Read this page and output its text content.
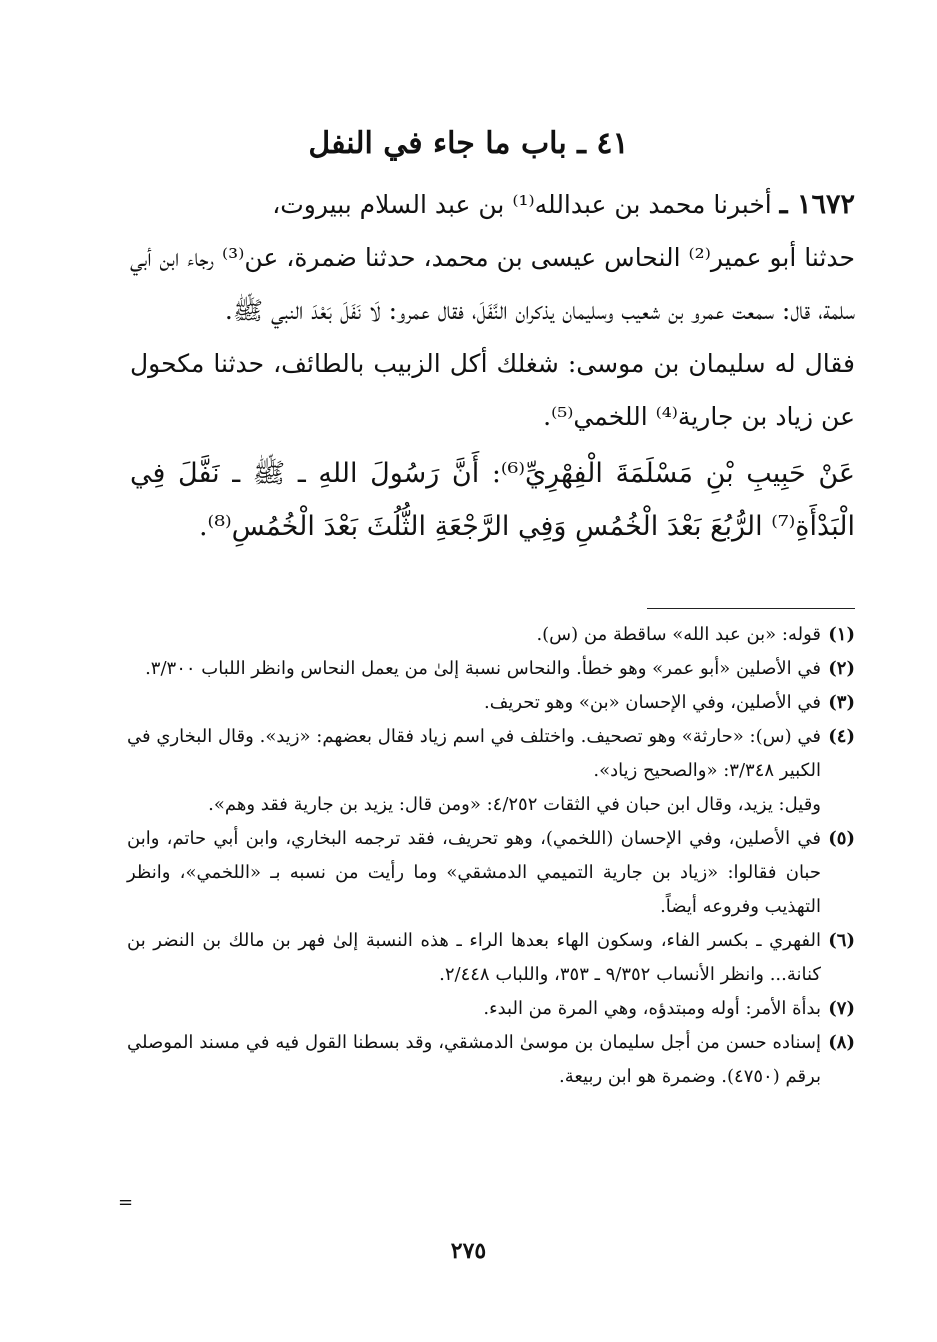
٤١ ـ باب ما جاء في النفل

١٦٧٢ ـ أخبرنا محمد بن عبدالله⁽¹⁾ بن عبد السلام ببيروت،

حدثنا أبو عمير⁽²⁾ النحاس عيسى بن محمد، حدثنا ضمرة، عن⁽³⁾ رجاء ابن أبي سلمة، قال: سمعت عمرو بن شعيب وسليمان يذكران النَّفَلَ، فقال عمرو: لَا نَفَلَ بَعْدَ النبي ﷺ.

فقال له سليمان بن موسى: شغلك أكل الزبيب بالطائف، حدثنا مكحول عن زياد بن جارية⁽⁴⁾ اللخمي⁽⁵⁾.

عَنْ حَبِيبِ بْنِ مَسْلَمَةَ الْفِهْرِيِّ⁽⁶⁾: أَنَّ رَسُولَ اللهِ ـ ﷺ ـ نَفَّلَ فِي الْبَدْأَةِ⁽⁷⁾ الرُّبُعَ بَعْدَ الْخُمُسِ وَفِي الرَّجْعَةِ الثُّلُثَ بَعْدَ الْخُمُسِ⁽⁸⁾.

(١)
قوله: «بن عبد الله» ساقطة من (س).
(٢)
في الأصلين «أبو عمر» وهو خطأ. والنحاس نسبة إلىٰ من يعمل النحاس وانظر اللباب ٣/٣٠٠.
(٣)
في الأصلين، وفي الإحسان «بن» وهو تحريف.
(٤)
في (س): «حارثة» وهو تصحيف. واختلف في اسم زياد فقال بعضهم: «زيد». وقال البخاري في الكبير ٣/٣٤٨: «والصحيح زياد».
وقيل: يزيد، وقال ابن حبان في الثقات ٤/٢٥٢: «ومن قال: يزيد بن جارية فقد وهم».
(٥)
في الأصلين، وفي الإحسان (اللخمي)، وهو تحريف، فقد ترجمه البخاري، وابن أبي حاتم، وابن حبان فقالوا: «زياد بن جارية التميمي الدمشقي» وما رأيت من نسبه بـ «اللخمي»، وانظر التهذيب وفروعه أيضاً.
(٦)
الفهري ـ بكسر الفاء، وسكون الهاء بعدها الراء ـ هذه النسبة إلىٰ فهر بن مالك بن النضر بن كنانة... وانظر الأنساب ٩/٣٥٢ ـ ٣٥٣، واللباب ٢/٤٤٨.
(٧)
بدأة الأمر: أوله ومبتدؤه، وهي المرة من البدء.
(٨)
إسناده حسن من أجل سليمان بن موسىٰ الدمشقي، وقد بسطنا القول فيه في مسند الموصلي برقم (٤٧٥٠). وضمرة هو ابن ربيعة.
=
٢٧٥
